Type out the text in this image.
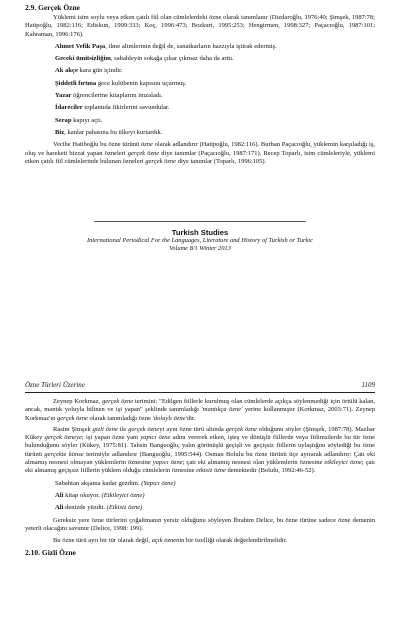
2.9. Gerçek Özne

Yüklemi isim soylu veya etken çatılı fiil olan cümlelerdeki özne olarak tanımlanır (Dizdaroğlu, 1976:40; Şimşek, 1987:78; Hatipoğlu, 1982:116; Ediskun, 1999:333; Koç, 1996:473; Bozkurt, 1995:253; Hengirmen, 1998:327; Paçacıoğlu, 1987:101; Kahraman, 1996:176).

Ahmet Vefik Paşa, ilme alimlerinin değil de, sanatkarların hazzıyla iştirak edermiş.

Geceki ümitsizliğim, sabahleyin sokağa çıkar çıkmaz daha da arttı.

Ak akçe kara gün içindir.

Şiddetli fırtına gece kulübenin kapısını uçurmuş.

Yazar öğrencilerine kitaplarını imzaladı.

İdareciler toplantıda fikirlerini savundular.

Serap kapıyı açtı.

Biz, kanlar pahasına bu ülkeyi kurtardık.

Vecihe Hatiboğlu bu özne türünü özne olarak adlandırır (Hatipoğlu, 1982:116). Burhan Paçacıoğlu, yüklemin karşıladığı iş, oluş ve hareketi bizzat yapan özneleri gerçek özne diye tanımlar (Paçacıoğlu, 1987:171). Recep Toparlı, isim cümleleriyle, yüklemi etken çatılı fiil cümlelerinde bulunan özneleri gerçek özne diye tanımlar (Toparlı, 1996:105).

Turkish Studies
International Periodical For the Languages, Literature and History of Turkish or Turkic
Volume 8/1 Winter 2013
Özne Türleri Üzerine	1109

Zeynep Korkmaz, gerçek özne terimini: "Edilgen fiillerle kurulmuş olan cümlelerde açıkça söylenmediği için örtülü kalan, ancak, mantık yoluyla bilinen ve işi yapan" şeklinde tanımladığı 'mantıkça özne' yerine kullanmıştır (Korkmaz, 2003:71). Zeynep Korkmaz'ın gerçek özne olarak tanımladığı özne 'dolaylı özne'dir.

Rasim Şimşek gizli özne ile gerçek özneyi aynı özne türü altında gerçek özne olduğunu söyler (Şimşek, 1987:78). Mazhar Kükey gerçek özneye; işi yapan özne yani yapıcı özne adını vererek etken, işteş ve dönüşlü fiillerde veya fiilimsilerde bu tür özne bulunduğunu söyler (Kükey, 1975:81). Tahsin Banguoğlu, yalın görünüşlü geçişli ve geçişsiz fiillerin uylaştığını söylediği bu özne türünü gerçekte kimse terimiyle adlandırır (Banguoğlu, 1995:544). Osman Bolulu bu özne türünü üçe ayırarak adlandırır: Çatı eki almamış nesnesi olmayan yüklemlerin öznesine yapıcı özne; çatı eki almamış nesnesi olan yüklemlerin öznesine etkileyici özne; çatı eki almamış geçişsiz fiillerin yüklem olduğu cümlelerin öznesine etkisiz özne demektedir (Bolulu, 1992:46-52).

Sabahtan akşama kadar gezdim. (Yapıcı özne)

Ali kitap okuyor. (Etkileyici özne)

Ali denizde yüzdü. (Etkisiz özne)

Gereksiz yere özne türlerini çoğaltmanın yersiz olduğunu söyleyen İbrahim Delice, bu özne türüne sadece özne demenin yeterli olacağını savunur (Delice, 1998: 199).

Bu özne türü ayrı bir tür olarak değil, açık öznenin bir özelliği olarak değerlendirilmelidir.

2.10. Gizli Özne
